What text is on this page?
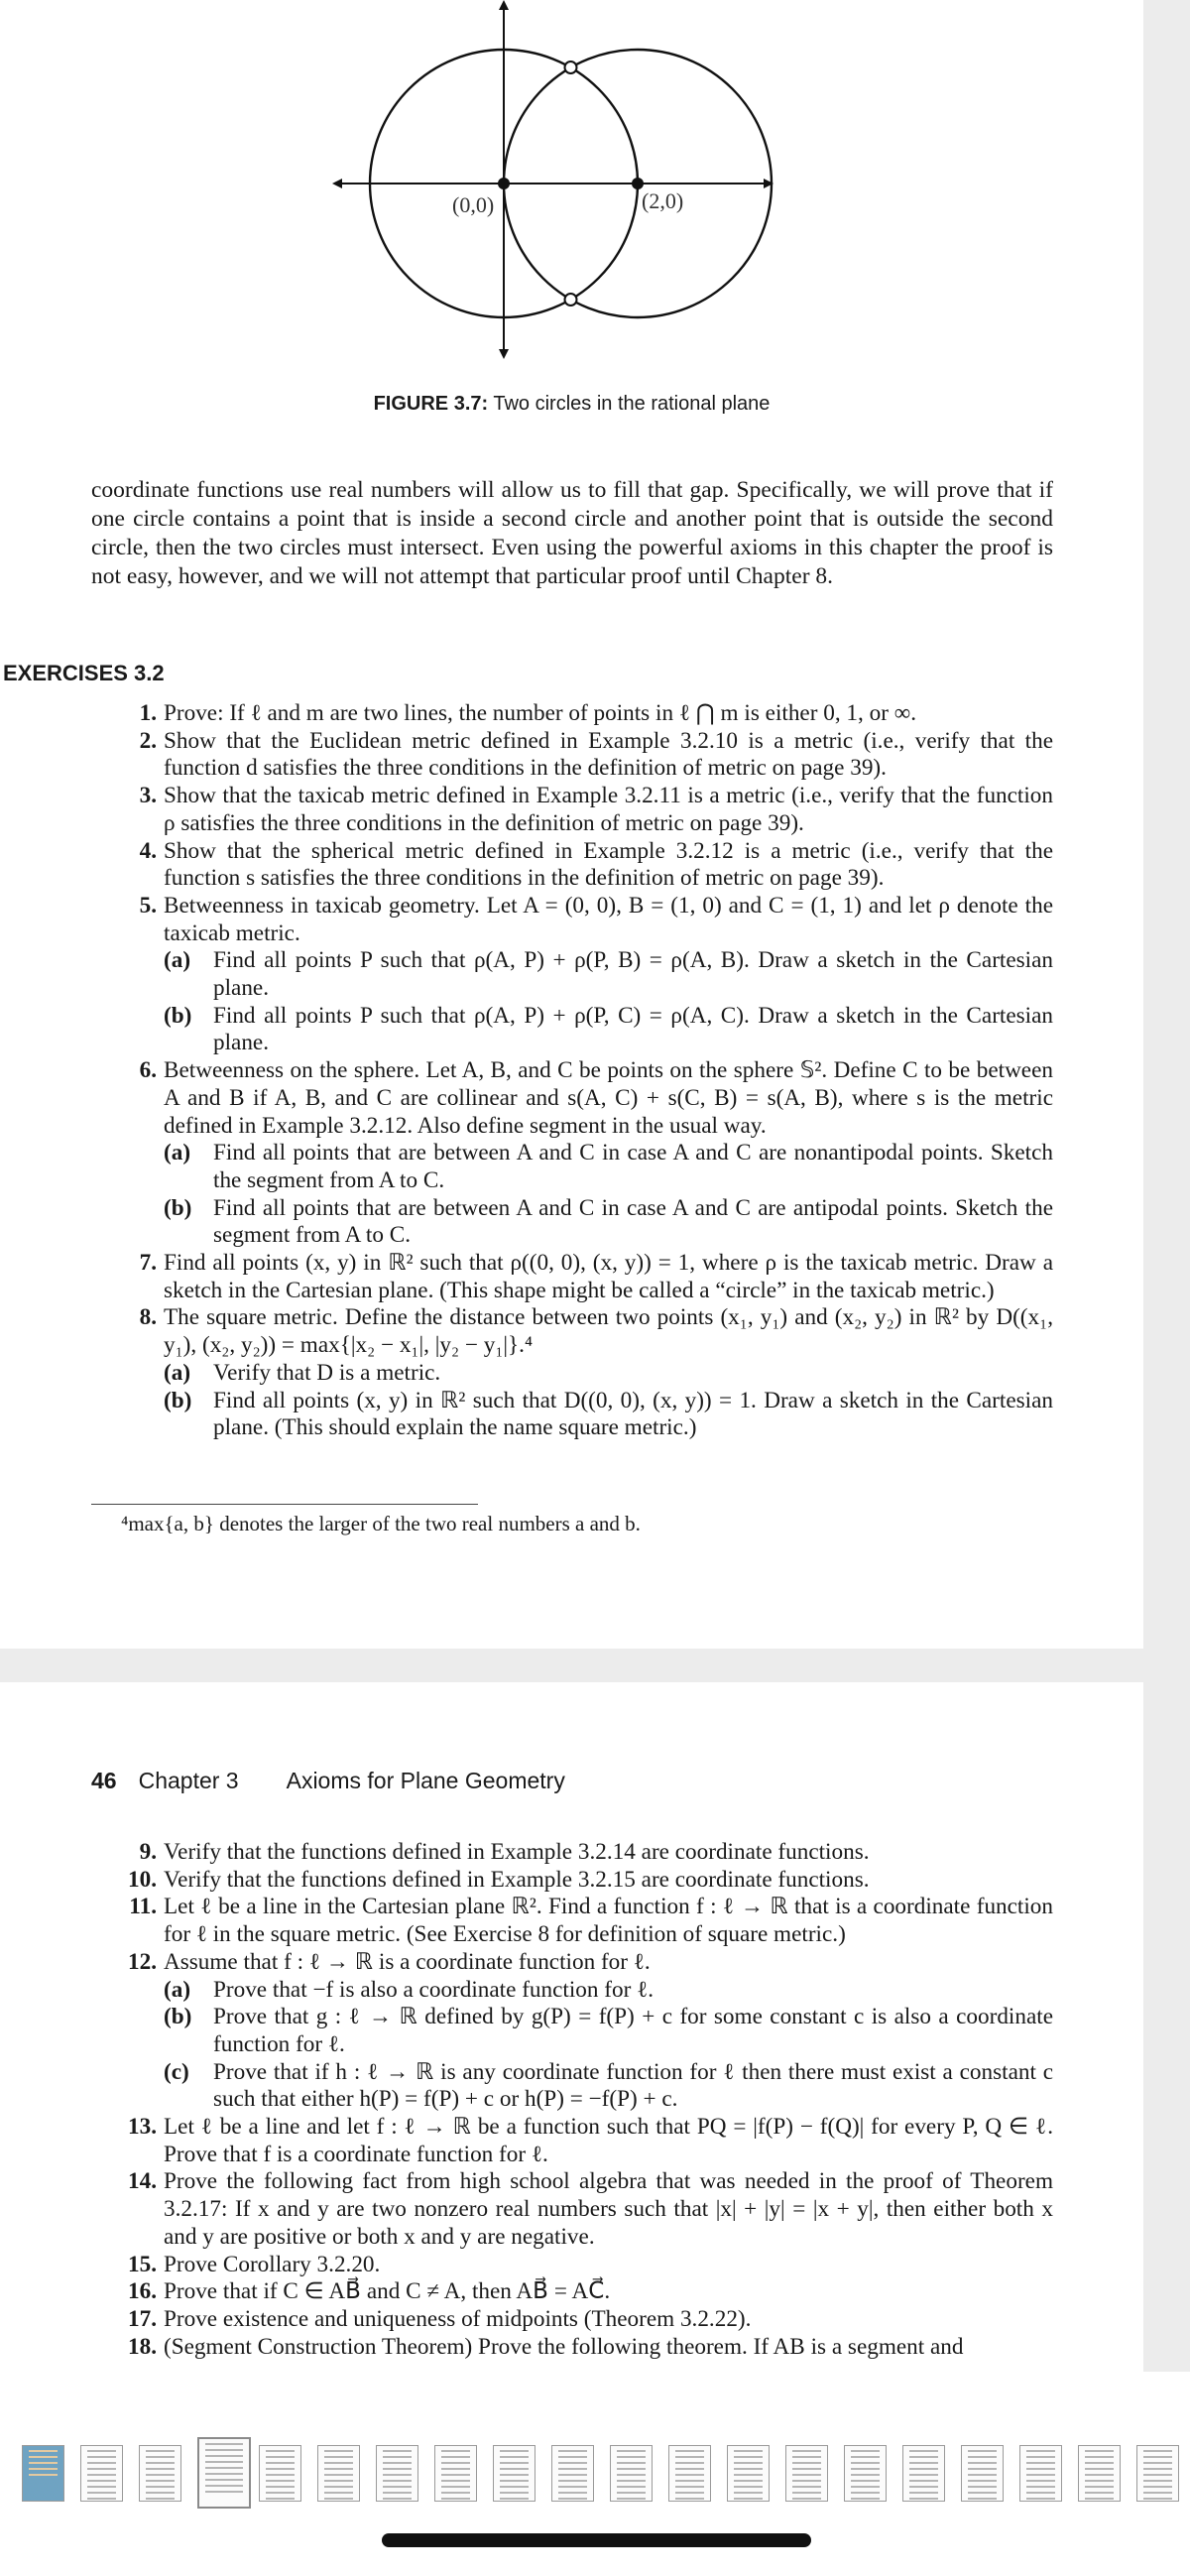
(0,0)	(2,0)
FIGURE 3.7: Two circles in the rational plane
coordinate functions use real numbers will allow us to fill that gap. Specifically, we will prove that if one circle contains a point that is inside a second circle and another point that is outside the second circle, then the two circles must intersect. Even using the powerful axioms in this chapter the proof is not easy, however, and we will not attempt that particular proof until Chapter 8.
EXERCISES 3.2
1. Prove: If ℓ and m are two lines, the number of points in ℓ ⋂ m is either 0, 1, or ∞.
2. Show that the Euclidean metric defined in Example 3.2.10 is a metric (i.e., verify that the function d satisfies the three conditions in the definition of metric on page 39).
3. Show that the taxicab metric defined in Example 3.2.11 is a metric (i.e., verify that the function ρ satisfies the three conditions in the definition of metric on page 39).
4. Show that the spherical metric defined in Example 3.2.12 is a metric (i.e., verify that the function s satisfies the three conditions in the definition of metric on page 39).
5. Betweenness in taxicab geometry. Let A = (0, 0), B = (1, 0) and C = (1, 1) and let ρ denote the taxicab metric.
(a) Find all points P such that ρ(A, P) + ρ(P, B) = ρ(A, B). Draw a sketch in the Cartesian plane.
(b) Find all points P such that ρ(A, P) + ρ(P, C) = ρ(A, C). Draw a sketch in the Cartesian plane.
6. Betweenness on the sphere. Let A, B, and C be points on the sphere 𝕊². Define C to be between A and B if A, B, and C are collinear and s(A, C) + s(C, B) = s(A, B), where s is the metric defined in Example 3.2.12. Also define segment in the usual way.
(a) Find all points that are between A and C in case A and C are nonantipodal points. Sketch the segment from A to C.
(b) Find all points that are between A and C in case A and C are antipodal points. Sketch the segment from A to C.
7. Find all points (x, y) in ℝ² such that ρ((0, 0), (x, y)) = 1, where ρ is the taxicab metric. Draw a sketch in the Cartesian plane. (This shape might be called a “circle” in the taxicab metric.)
8. The square metric. Define the distance between two points (x₁, y₁) and (x₂, y₂) in ℝ² by D((x₁, y₁), (x₂, y₂)) = max{|x₂ − x₁|, |y₂ − y₁|}.⁴
(a) Verify that D is a metric.
(b) Find all points (x, y) in ℝ² such that D((0, 0), (x, y)) = 1. Draw a sketch in the Cartesian plane. (This should explain the name square metric.)
⁴max{a, b} denotes the larger of the two real numbers a and b.
46 Chapter 3 Axioms for Plane Geometry
9. Verify that the functions defined in Example 3.2.14 are coordinate functions.
10. Verify that the functions defined in Example 3.2.15 are coordinate functions.
11. Let ℓ be a line in the Cartesian plane ℝ². Find a function f : ℓ → ℝ that is a coordinate function for ℓ in the square metric. (See Exercise 8 for definition of square metric.)
12. Assume that f : ℓ → ℝ is a coordinate function for ℓ.
(a) Prove that −f is also a coordinate function for ℓ.
(b) Prove that g : ℓ → ℝ defined by g(P) = f(P) + c for some constant c is also a coordinate function for ℓ.
(c) Prove that if h : ℓ → ℝ is any coordinate function for ℓ then there must exist a constant c such that either h(P) = f(P) + c or h(P) = −f(P) + c.
13. Let ℓ be a line and let f : ℓ → ℝ be a function such that PQ = |f(P) − f(Q)| for every P, Q ∈ ℓ. Prove that f is a coordinate function for ℓ.
14. Prove the following fact from high school algebra that was needed in the proof of Theorem 3.2.17: If x and y are two nonzero real numbers such that |x| + |y| = |x + y|, then either both x and y are positive or both x and y are negative.
15. Prove Corollary 3.2.20.
16. Prove that if C ∈ AB⃗ and C ≠ A, then AB⃗ = AC⃗.
17. Prove existence and uniqueness of midpoints (Theorem 3.2.22).
18. (Segment Construction Theorem) Prove the following theorem. If AB is a segment and
